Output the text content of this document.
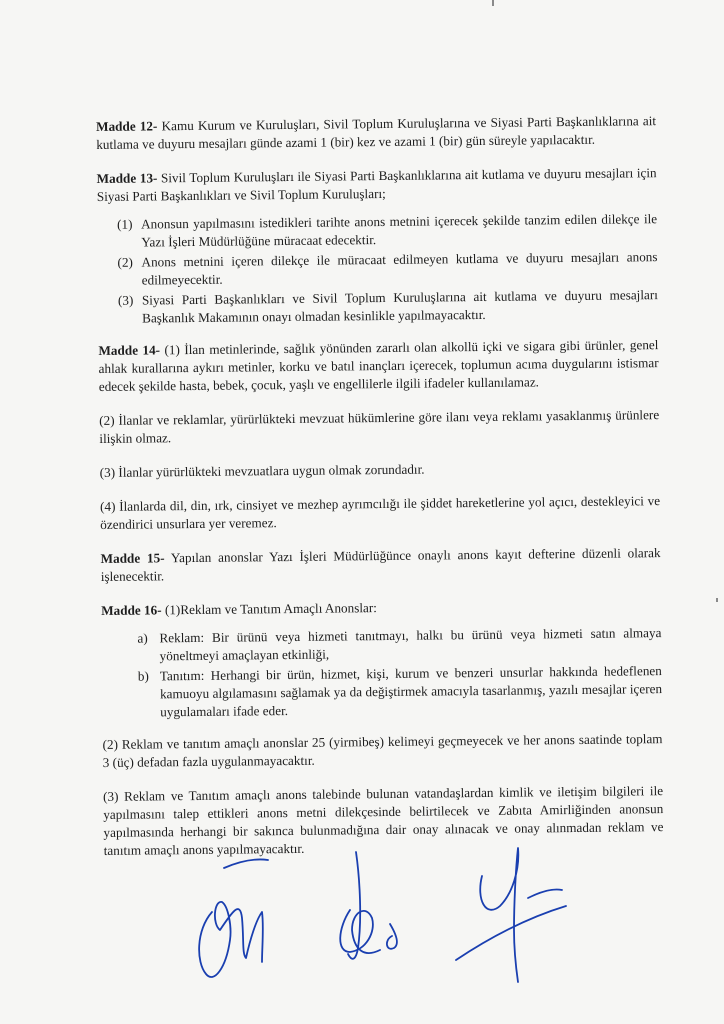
Madde 12- Kamu Kurum ve Kuruluşları, Sivil Toplum Kuruluşlarına ve Siyasi Parti Başkanlıklarına ait kutlama ve duyuru mesajları günde azami 1 (bir) kez ve azami 1 (bir) gün süreyle yapılacaktır.

Madde 13- Sivil Toplum Kuruluşları ile Siyasi Parti Başkanlıklarına ait kutlama ve duyuru mesajları için Siyasi Parti Başkanlıkları ve Sivil Toplum Kuruluşları;

(1) Anonsun yapılmasını istedikleri tarihte anons metnini içerecek şekilde tanzim edilen dilekçe ile Yazı İşleri Müdürlüğüne müracaat edecektir.
(2) Anons metnini içeren dilekçe ile müracaat edilmeyen kutlama ve duyuru mesajları anons edilmeyecektir.
(3) Siyasi Parti Başkanlıkları ve Sivil Toplum Kuruluşlarına ait kutlama ve duyuru mesajları Başkanlık Makamının onayı olmadan kesinlikle yapılmayacaktır.

Madde 14- (1) İlan metinlerinde, sağlık yönünden zararlı olan alkollü içki ve sigara gibi ürünler, genel ahlak kurallarına aykırı metinler, korku ve batıl inançları içerecek, toplumun acıma duygularını istismar edecek şekilde hasta, bebek, çocuk, yaşlı ve engellilerle ilgili ifadeler kullanılamaz.

(2) İlanlar ve reklamlar, yürürlükteki mevzuat hükümlerine göre ilanı veya reklamı yasaklanmış ürünlere ilişkin olmaz.

(3) İlanlar yürürlükteki mevzuatlara uygun olmak zorundadır.

(4) İlanlarda dil, din, ırk, cinsiyet ve mezhep ayrımcılığı ile şiddet hareketlerine yol açıcı, destekleyici ve özendirici unsurlara yer veremez.

Madde 15- Yapılan anonslar Yazı İşleri Müdürlüğünce onaylı anons kayıt defterine düzenli olarak işlenecektir.

Madde 16- (1)Reklam ve Tanıtım Amaçlı Anonslar:

a) Reklam: Bir ürünü veya hizmeti tanıtmayı, halkı bu ürünü veya hizmeti satın almaya yöneltmeyi amaçlayan etkinliği,
b) Tanıtım: Herhangi bir ürün, hizmet, kişi, kurum ve benzeri unsurlar hakkında hedeflenen kamuoyu algılamasını sağlamak ya da değiştirmek amacıyla tasarlanmış, yazılı mesajlar içeren uygulamaları ifade eder.

(2) Reklam ve tanıtım amaçlı anonslar 25 (yirmibeş) kelimeyi geçmeyecek ve her anons saatinde toplam 3 (üç) defadan fazla uygulanmayacaktır.

(3) Reklam ve Tanıtım amaçlı anons talebinde bulunan vatandaşlardan kimlik ve iletişim bilgileri ile yapılmasını talep ettikleri anons metni dilekçesinde belirtilecek ve Zabıta Amirliğinden anonsun yapılmasında herhangi bir sakınca bulunmadığına dair onay alınacak ve onay alınmadan reklam ve tanıtım amaçlı anons yapılmayacaktır.
